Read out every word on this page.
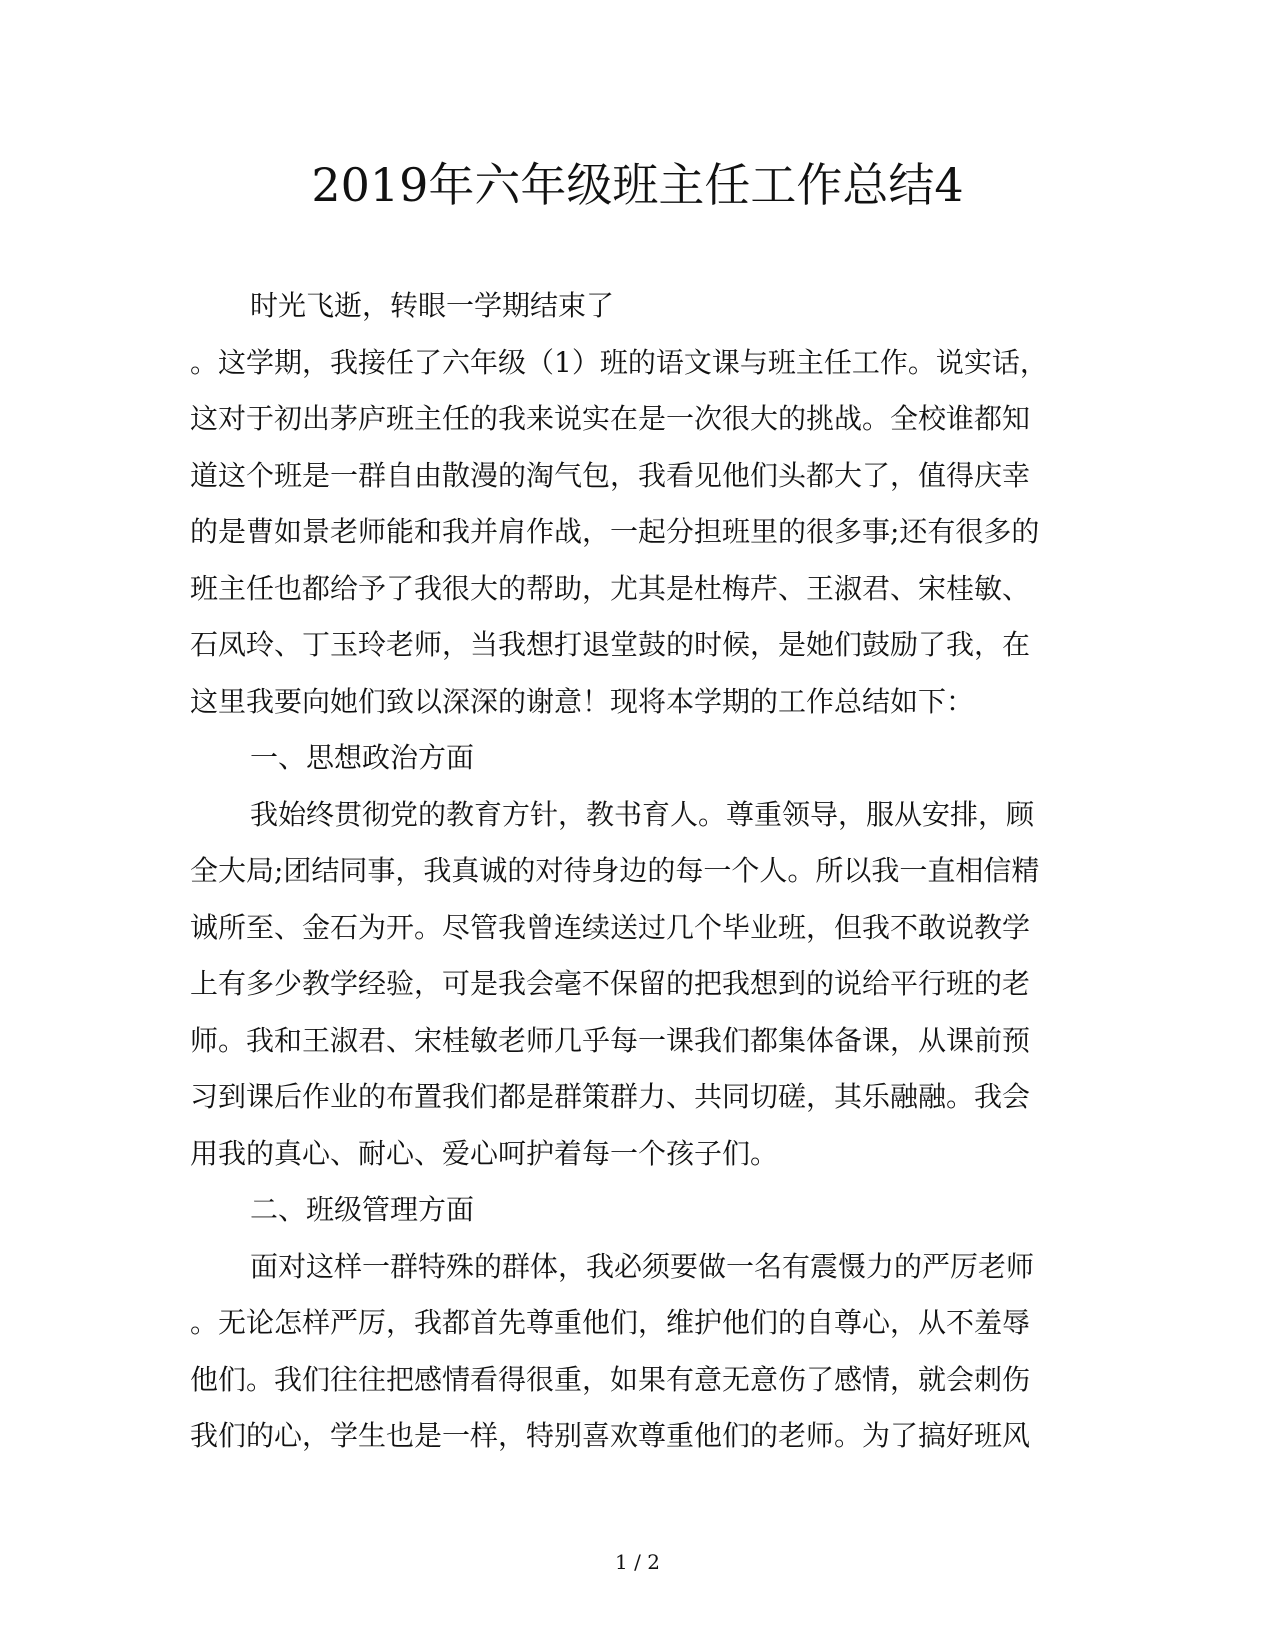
2019年六年级班主任工作总结4

时光飞逝，转眼一学期结束了

。这学期，我接任了六年级（1）班的语文课与班主任工作。说实话，

这对于初出茅庐班主任的我来说实在是一次很大的挑战。全校谁都知

道这个班是一群自由散漫的淘气包，我看见他们头都大了，值得庆幸

的是曹如景老师能和我并肩作战，一起分担班里的很多事;还有很多的

班主任也都给予了我很大的帮助，尤其是杜梅芹、王淑君、宋桂敏、

石凤玲、丁玉玲老师，当我想打退堂鼓的时候，是她们鼓励了我，在

这里我要向她们致以深深的谢意！现将本学期的工作总结如下：

一、思想政治方面

我始终贯彻党的教育方针，教书育人。尊重领导，服从安排，顾

全大局;团结同事，我真诚的对待身边的每一个人。所以我一直相信精

诚所至、金石为开。尽管我曾连续送过几个毕业班，但我不敢说教学

上有多少教学经验，可是我会毫不保留的把我想到的说给平行班的老

师。我和王淑君、宋桂敏老师几乎每一课我们都集体备课，从课前预

习到课后作业的布置我们都是群策群力、共同切磋，其乐融融。我会

用我的真心、耐心、爱心呵护着每一个孩子们。

二、班级管理方面

面对这样一群特殊的群体，我必须要做一名有震慑力的严厉老师

。无论怎样严厉，我都首先尊重他们，维护他们的自尊心，从不羞辱

他们。我们往往把感情看得很重，如果有意无意伤了感情，就会刺伤

我们的心，学生也是一样，特别喜欢尊重他们的老师。为了搞好班风

1 / 2
